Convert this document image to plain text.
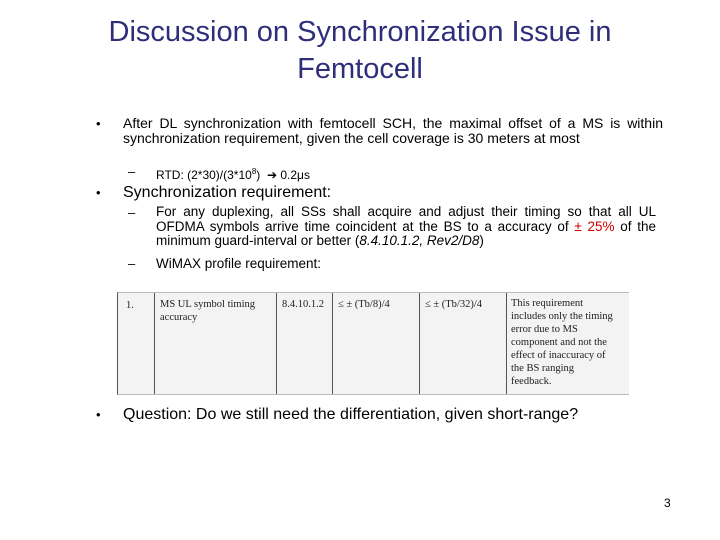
Discussion on Synchronization Issue in
Femtocell
• After DL synchronization with femtocell SCH, the maximal offset of a MS is within synchronization requirement, given the cell coverage is 30 meters at most
– RTD: $(2*30)/(3*10^8)$ ➔ 0.2μs
• Synchronization requirement:
– For any duplexing, all SSs shall acquire and adjust their timing so that all UL OFDMA symbols arrive time coincident at the BS to a accuracy of ± 25% of the minimum guard-interval or better (8.4.10.1.2, Rev2/D8)
– WiMAX profile requirement:
1. MS UL symbol timing
accuracy
8.4.10.1.2 ≤ ± (Tb/8)/4	≤ ± (Tb/32)/4	This requirement
includes only the timing
error due to MS
component and not the
effect of inaccuracy of
the BS ranging
feedback.
• Question: Do we still need the differentiation, given short-range?
3
